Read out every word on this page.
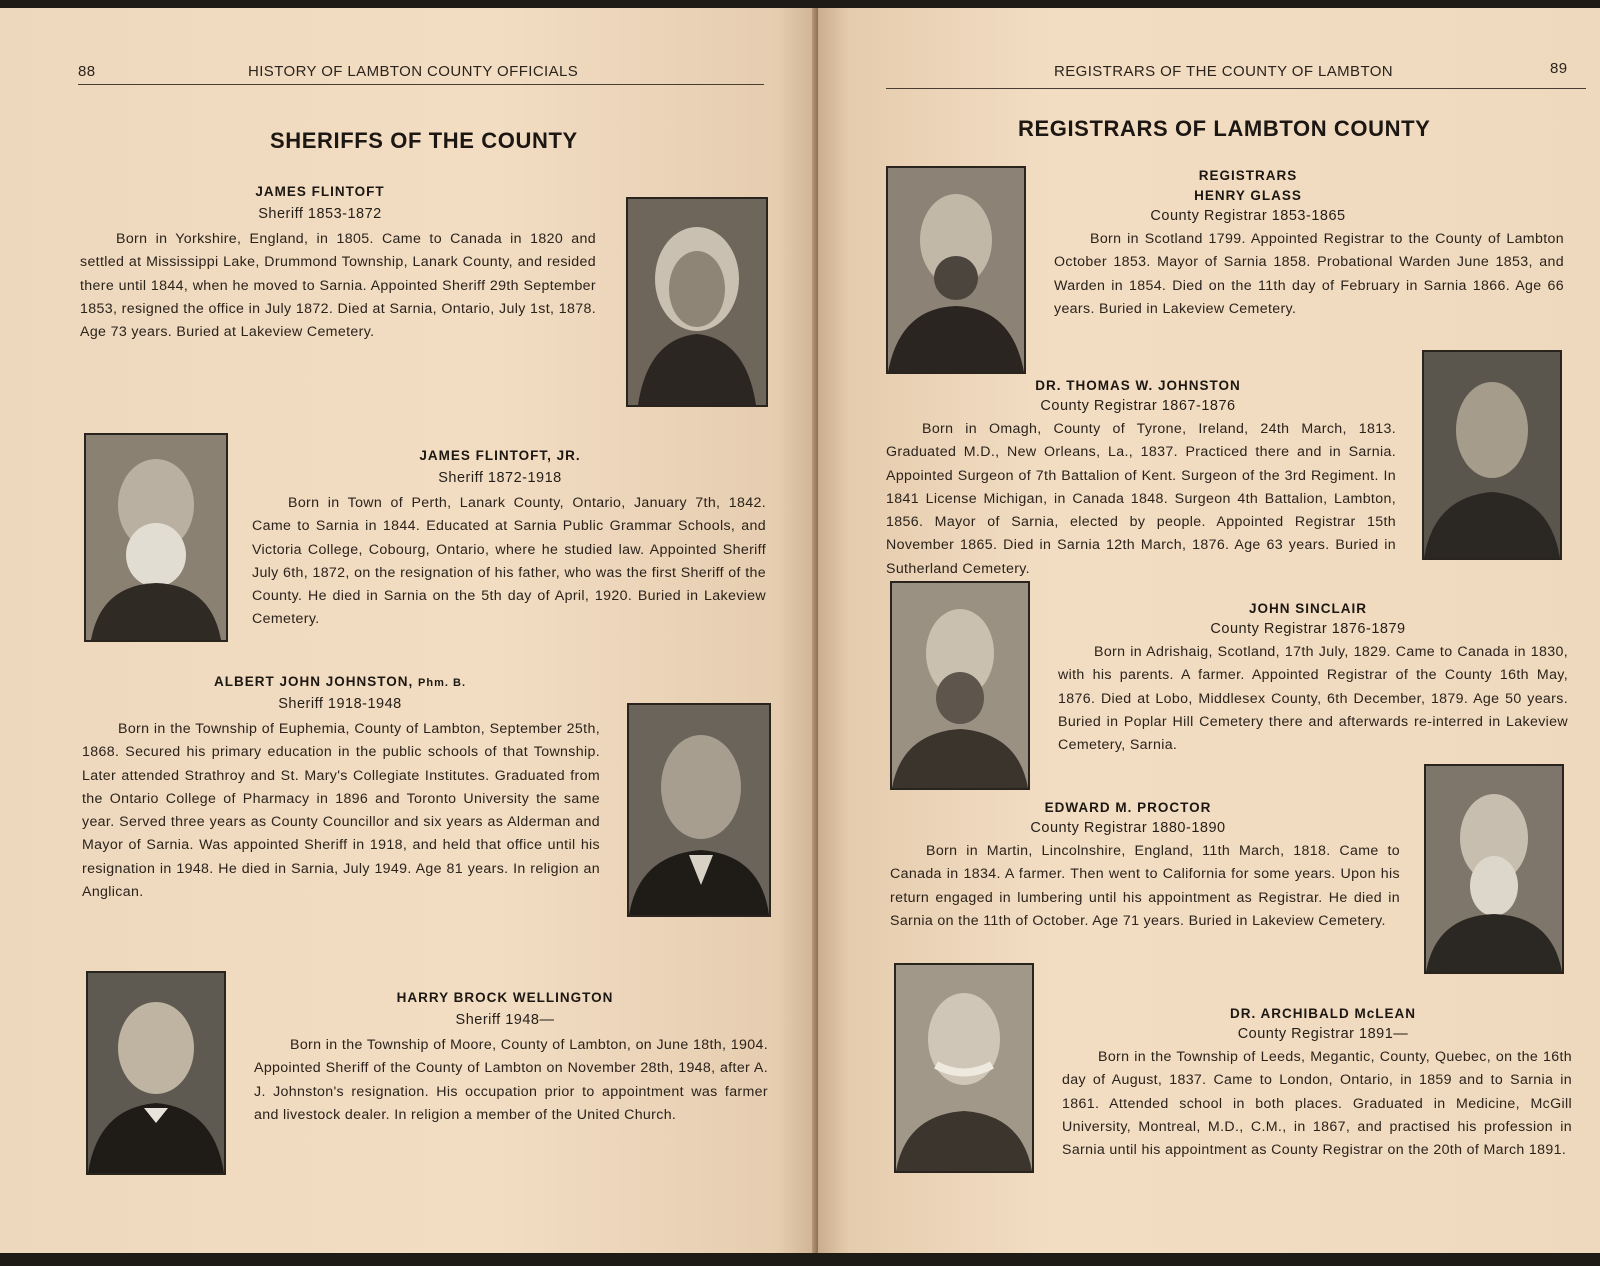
88	HISTORY OF LAMBTON COUNTY OFFICIALS
SHERIFFS OF THE COUNTY
JAMES FLINTOFT
Sheriff 1853-1872

Born in Yorkshire, England, in 1805. Came to Canada in 1820 and settled at Mississippi Lake, Drummond Township, Lanark County, and resided there until 1844, when he moved to Sarnia. Appointed Sheriff 29th September 1853, resigned the office in July 1872. Died at Sarnia, Ontario, July 1st, 1878. Age 73 years. Buried at Lakeview Cemetery.

JAMES FLINTOFT, JR.
Sheriff 1872-1918

Born in Town of Perth, Lanark County, Ontario, January 7th, 1842. Came to Sarnia in 1844. Educated at Sarnia Public Grammar Schools, and Victoria College, Cobourg, Ontario, where he studied law. Appointed Sheriff July 6th, 1872, on the resignation of his father, who was the first Sheriff of the County. He died in Sarnia on the 5th day of April, 1920. Buried in Lakeview Cemetery.

ALBERT JOHN JOHNSTON, Phm. B.
Sheriff 1918-1948

Born in the Township of Euphemia, County of Lambton, September 25th, 1868. Secured his primary education in the public schools of that Township. Later attended Strathroy and St. Mary's Collegiate Institutes. Graduated from the Ontario College of Pharmacy in 1896 and Toronto University the same year. Served three years as County Councillor and six years as Alderman and Mayor of Sarnia. Was appointed Sheriff in 1918, and held that office until his resignation in 1948. He died in Sarnia, July 1949. Age 81 years. In religion an Anglican.

HARRY BROCK WELLINGTON
Sheriff 1948—

Born in the Township of Moore, County of Lambton, on June 18th, 1904. Appointed Sheriff of the County of Lambton on November 28th, 1948, after A. J. Johnston's resignation. His occupation prior to appointment was farmer and livestock dealer. In religion a member of the United Church.

REGISTRARS OF THE COUNTY OF LAMBTON	89
REGISTRARS OF LAMBTON COUNTY
REGISTRARS
HENRY GLASS
County Registrar 1853-1865

Born in Scotland 1799. Appointed Registrar to the County of Lambton October 1853. Mayor of Sarnia 1858. Probational Warden June 1853, and Warden in 1854. Died on the 11th day of February in Sarnia 1866. Age 66 years. Buried in Lakeview Cemetery.

DR. THOMAS W. JOHNSTON
County Registrar 1867-1876

Born in Omagh, County of Tyrone, Ireland, 24th March, 1813. Graduated M.D., New Orleans, La., 1837. Practiced there and in Sarnia. Appointed Surgeon of 7th Battalion of Kent. Surgeon of the 3rd Regiment. In 1841 License Michigan, in Canada 1848. Surgeon 4th Battalion, Lambton, 1856. Mayor of Sarnia, elected by people. Appointed Registrar 15th November 1865. Died in Sarnia 12th March, 1876. Age 63 years. Buried in Sutherland Cemetery.

JOHN SINCLAIR
County Registrar 1876-1879

Born in Adrishaig, Scotland, 17th July, 1829. Came to Canada in 1830, with his parents. A farmer. Appointed Registrar of the County 16th May, 1876. Died at Lobo, Middlesex County, 6th December, 1879. Age 50 years. Buried in Poplar Hill Cemetery there and afterwards re-interred in Lakeview Cemetery, Sarnia.

EDWARD M. PROCTOR
County Registrar 1880-1890

Born in Martin, Lincolnshire, England, 11th March, 1818. Came to Canada in 1834. A farmer. Then went to California for some years. Upon his return engaged in lumbering until his appointment as Registrar. He died in Sarnia on the 11th of October. Age 71 years. Buried in Lakeview Cemetery.

DR. ARCHIBALD McLEAN
County Registrar 1891—

Born in the Township of Leeds, Megantic, County, Quebec, on the 16th day of August, 1837. Came to London, Ontario, in 1859 and to Sarnia in 1861. Attended school in both places. Graduated in Medicine, McGill University, Montreal, M.D., C.M., in 1867, and practised his profession in Sarnia until his appointment as County Registrar on the 20th of March 1891.
